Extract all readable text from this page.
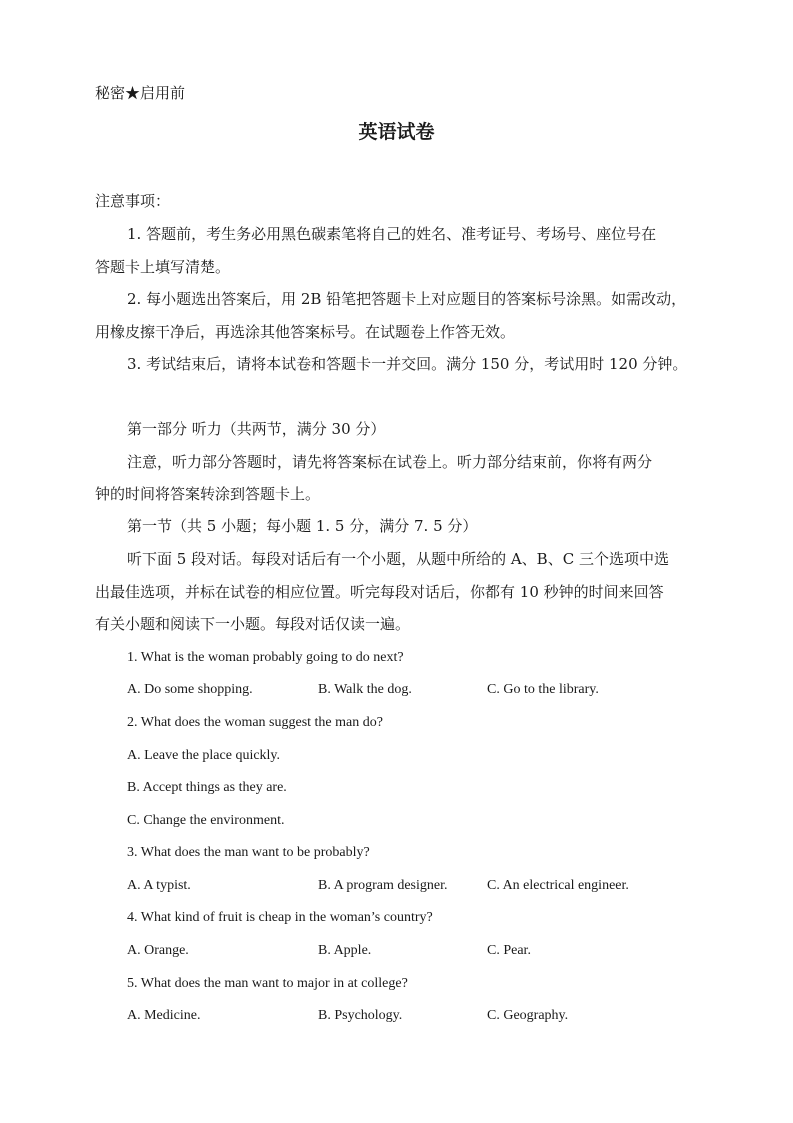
秘密★启用前
英语试卷
注意事项：
1. 答题前，考生务必用黑色碳素笔将自己的姓名、准考证号、考场号、座位号在
答题卡上填写清楚。
2. 每小题选出答案后，用 2B 铅笔把答题卡上对应题目的答案标号涂黑。如需改动，
用橡皮擦干净后，再选涂其他答案标号。在试题卷上作答无效。
3. 考试结束后，请将本试卷和答题卡一并交回。满分 150 分，考试用时 120 分钟。
第一部分 听力（共两节，满分 30 分）
注意，听力部分答题时，请先将答案标在试卷上。听力部分结束前，你将有两分
钟的时间将答案转涂到答题卡上。
第一节（共 5 小题；每小题 1. 5 分，满分 7. 5 分）
听下面 5 段对话。每段对话后有一个小题，从题中所给的 A、B、C 三个选项中选
出最佳选项，并标在试卷的相应位置。听完每段对话后，你都有 10 秒钟的时间来回答
有关小题和阅读下一小题。每段对话仅读一遍。
1. What is the woman probably going to do next?
A. Do some shopping.	B. Walk the dog.	C. Go to the library.
2. What does the woman suggest the man do?
A. Leave the place quickly.
B. Accept things as they are.
C. Change the environment.
3. What does the man want to be probably?
A. A typist.	B. A program designer.	C. An electrical engineer.
4. What kind of fruit is cheap in the woman’s country?
A. Orange.	B. Apple.	C. Pear.
5. What does the man want to major in at college?
A. Medicine.	B. Psychology.	C. Geography.
